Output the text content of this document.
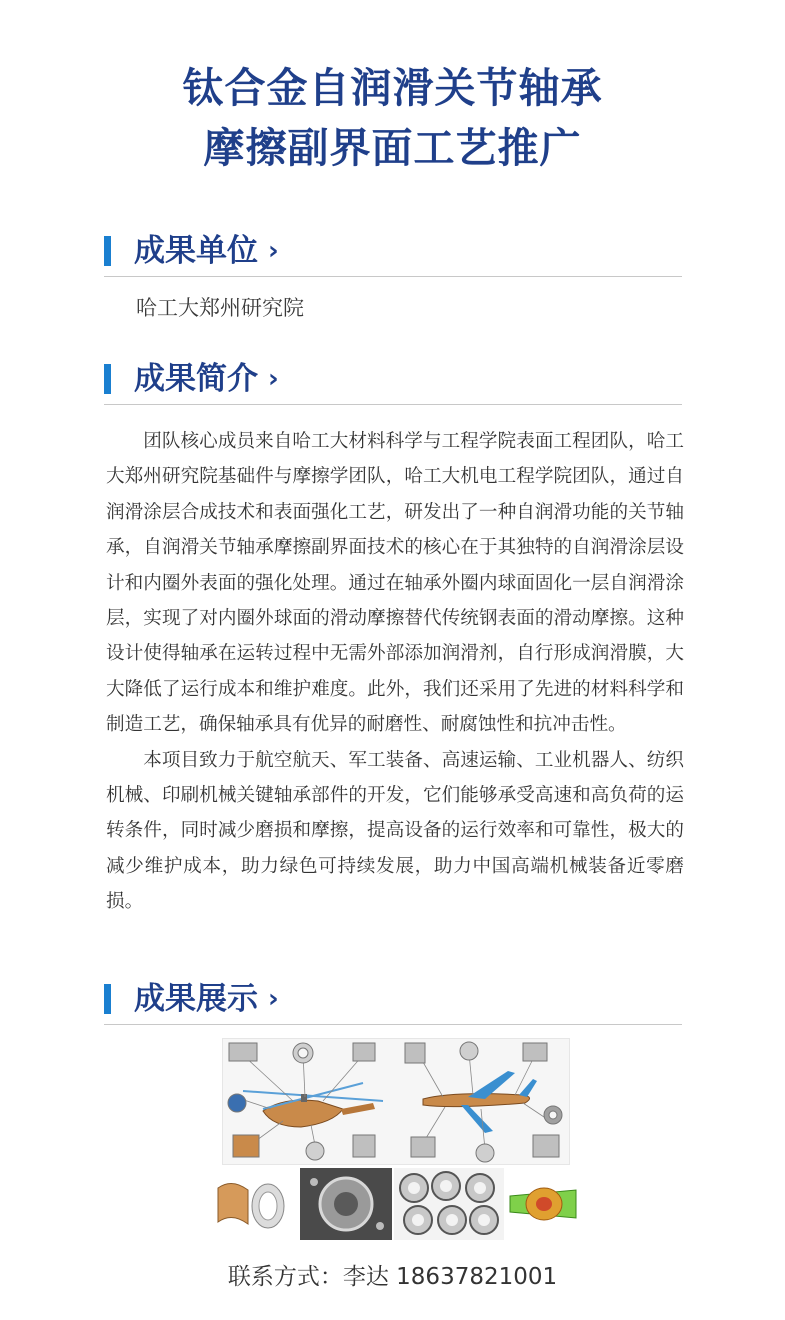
钛合金自润滑关节轴承
摩擦副界面工艺推广
成果单位 ›
哈工大郑州研究院
成果简介 ›

团队核心成员来自哈工大材料科学与工程学院表面工程团队，哈工大郑州研究院基础件与摩擦学团队，哈工大机电工程学院团队，通过自润滑涂层合成技术和表面强化工艺，研发出了一种自润滑功能的关节轴承，自润滑关节轴承摩擦副界面技术的核心在于其独特的自润滑涂层设计和内圈外表面的强化处理。通过在轴承外圈内球面固化一层自润滑涂层，实现了对内圈外球面的滑动摩擦替代传统钢表面的滑动摩擦。这种设计使得轴承在运转过程中无需外部添加润滑剂，自行形成润滑膜，大大降低了运行成本和维护难度。此外，我们还采用了先进的材料科学和制造工艺，确保轴承具有优异的耐磨性、耐腐蚀性和抗冲击性。

本项目致力于航空航天、军工装备、高速运输、工业机器人、纺织机械、印刷机械关键轴承部件的开发，它们能够承受高速和高负荷的运转条件，同时减少磨损和摩擦，提高设备的运行效率和可靠性，极大的减少维护成本，助力绿色可持续发展，助力中国高端机械装备近零磨损。

成果展示 ›
联系方式：李达 18637821001
